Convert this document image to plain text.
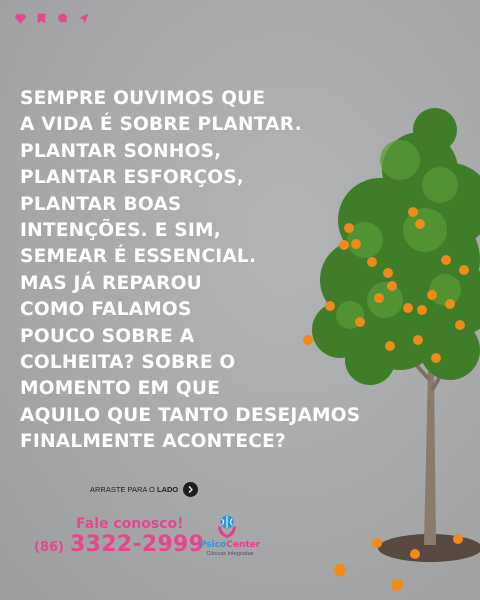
SEMPRE OUVIMOS QUE
A VIDA É SOBRE PLANTAR.
PLANTAR SONHOS,
PLANTAR ESFORÇOS,
PLANTAR BOAS
INTENÇÕES. E SIM,
SEMEAR É ESSENCIAL.
MAS JÁ REPAROU
COMO FALAMOS
POUCO SOBRE A
COLHEITA? SOBRE O
MOMENTO EM QUE
AQUILO QUE TANTO DESEJAMOS
FINALMENTE ACONTECE?
ARRASTE PARA O LADO
Fale conosco!
(86) 3322-2999
PsicoCenter
Clínicas Integradas
